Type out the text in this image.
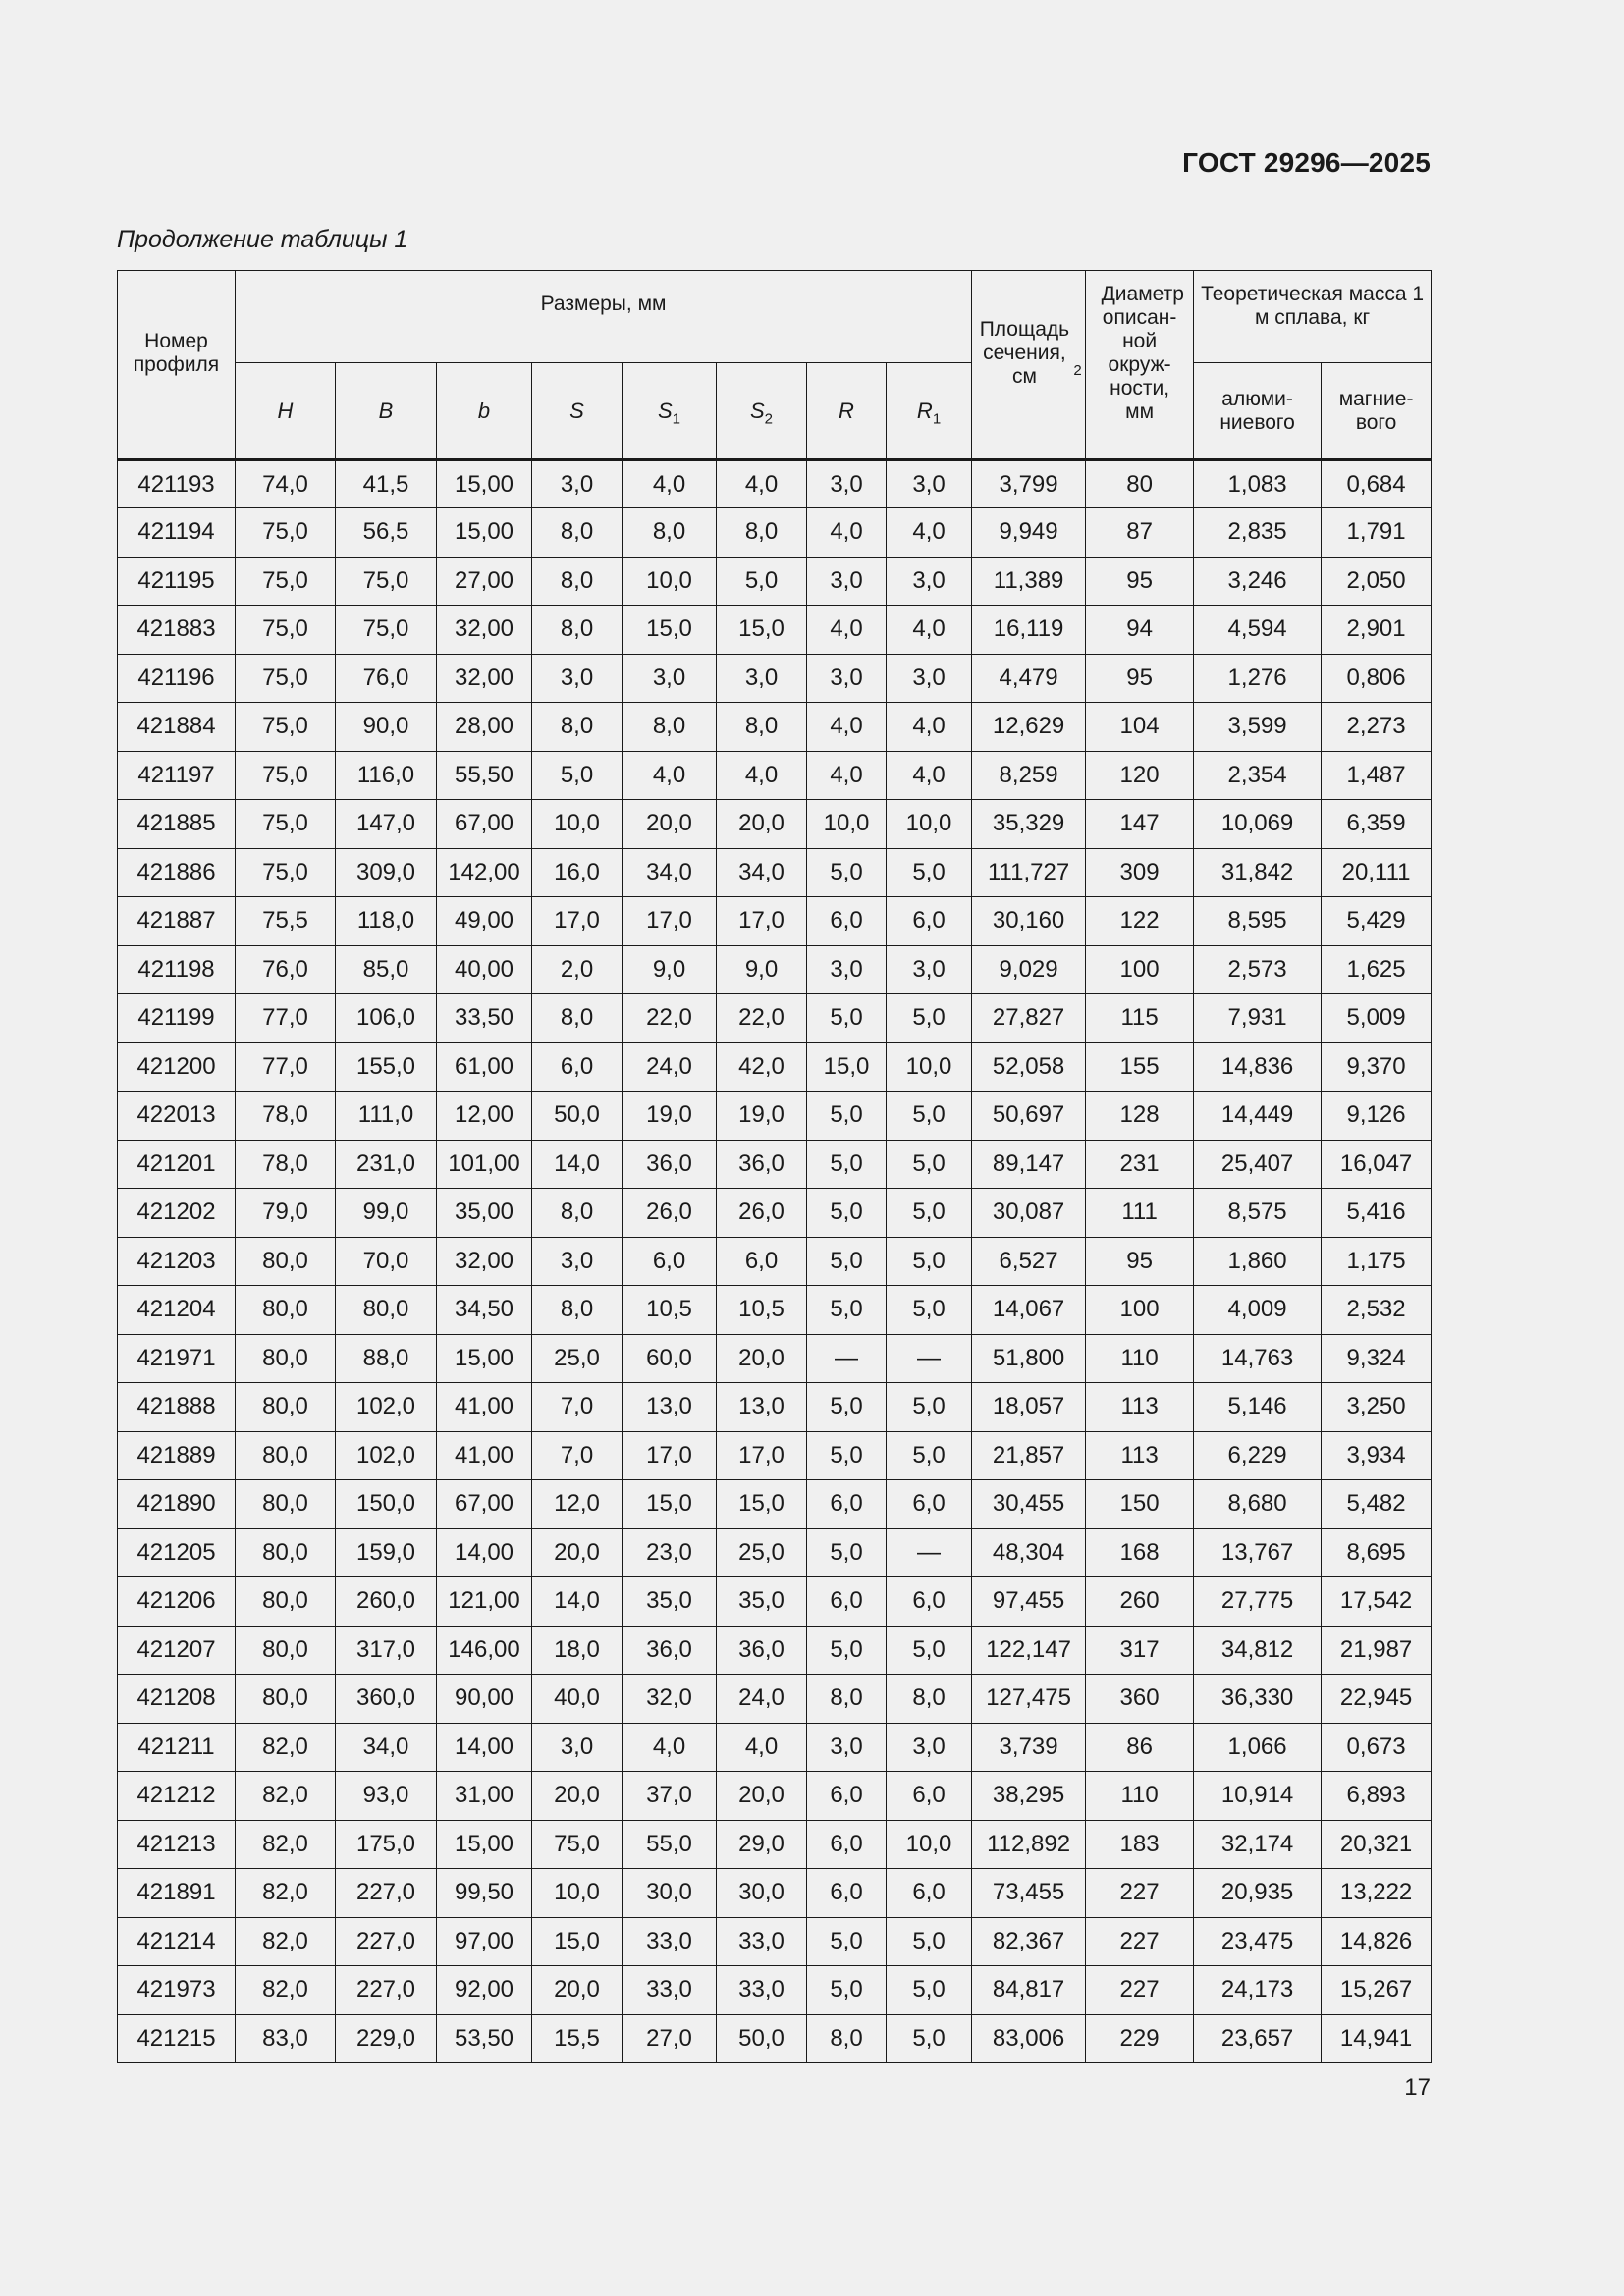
ГОСТ 29296—2025
Продолжение таблицы 1
Номер профиля	Размеры, мм								Площадь сечения, см $^2$	Диаметр описан-ной окруж-ности, мм	Теоретическая масса 1 м сплава, кг	
	H	B	b	S	$S_1$	$S_2$	R	$R_1$			алюми-ниевого	магние-вого
421193	74,0	41,5	15,00	3,0	4,0	4,0	3,0	3,0	3,799	80	1,083	0,684
421194	75,0	56,5	15,00	8,0	8,0	8,0	4,0	4,0	9,949	87	2,835	1,791
421195	75,0	75,0	27,00	8,0	10,0	5,0	3,0	3,0	11,389	95	3,246	2,050
421883	75,0	75,0	32,00	8,0	15,0	15,0	4,0	4,0	16,119	94	4,594	2,901
421196	75,0	76,0	32,00	3,0	3,0	3,0	3,0	3,0	4,479	95	1,276	0,806
421884	75,0	90,0	28,00	8,0	8,0	8,0	4,0	4,0	12,629	104	3,599	2,273
421197	75,0	116,0	55,50	5,0	4,0	4,0	4,0	4,0	8,259	120	2,354	1,487
421885	75,0	147,0	67,00	10,0	20,0	20,0	10,0	10,0	35,329	147	10,069	6,359
421886	75,0	309,0	142,00	16,0	34,0	34,0	5,0	5,0	111,727	309	31,842	20,111
421887	75,5	118,0	49,00	17,0	17,0	17,0	6,0	6,0	30,160	122	8,595	5,429
421198	76,0	85,0	40,00	2,0	9,0	9,0	3,0	3,0	9,029	100	2,573	1,625
421199	77,0	106,0	33,50	8,0	22,0	22,0	5,0	5,0	27,827	115	7,931	5,009
421200	77,0	155,0	61,00	6,0	24,0	42,0	15,0	10,0	52,058	155	14,836	9,370
422013	78,0	111,0	12,00	50,0	19,0	19,0	5,0	5,0	50,697	128	14,449	9,126
421201	78,0	231,0	101,00	14,0	36,0	36,0	5,0	5,0	89,147	231	25,407	16,047
421202	79,0	99,0	35,00	8,0	26,0	26,0	5,0	5,0	30,087	111	8,575	5,416
421203	80,0	70,0	32,00	3,0	6,0	6,0	5,0	5,0	6,527	95	1,860	1,175
421204	80,0	80,0	34,50	8,0	10,5	10,5	5,0	5,0	14,067	100	4,009	2,532
421971	80,0	88,0	15,00	25,0	60,0	20,0	—	—	51,800	110	14,763	9,324
421888	80,0	102,0	41,00	7,0	13,0	13,0	5,0	5,0	18,057	113	5,146	3,250
421889	80,0	102,0	41,00	7,0	17,0	17,0	5,0	5,0	21,857	113	6,229	3,934
421890	80,0	150,0	67,00	12,0	15,0	15,0	6,0	6,0	30,455	150	8,680	5,482
421205	80,0	159,0	14,00	20,0	23,0	25,0	5,0	—	48,304	168	13,767	8,695
421206	80,0	260,0	121,00	14,0	35,0	35,0	6,0	6,0	97,455	260	27,775	17,542
421207	80,0	317,0	146,00	18,0	36,0	36,0	5,0	5,0	122,147	317	34,812	21,987
421208	80,0	360,0	90,00	40,0	32,0	24,0	8,0	8,0	127,475	360	36,330	22,945
421211	82,0	34,0	14,00	3,0	4,0	4,0	3,0	3,0	3,739	86	1,066	0,673
421212	82,0	93,0	31,00	20,0	37,0	20,0	6,0	6,0	38,295	110	10,914	6,893
421213	82,0	175,0	15,00	75,0	55,0	29,0	6,0	10,0	112,892	183	32,174	20,321
421891	82,0	227,0	99,50	10,0	30,0	30,0	6,0	6,0	73,455	227	20,935	13,222
421214	82,0	227,0	97,00	15,0	33,0	33,0	5,0	5,0	82,367	227	23,475	14,826
421973	82,0	227,0	92,00	20,0	33,0	33,0	5,0	5,0	84,817	227	24,173	15,267
421215	83,0	229,0	53,50	15,5	27,0	50,0	8,0	5,0	83,006	229	23,657	14,941
17
